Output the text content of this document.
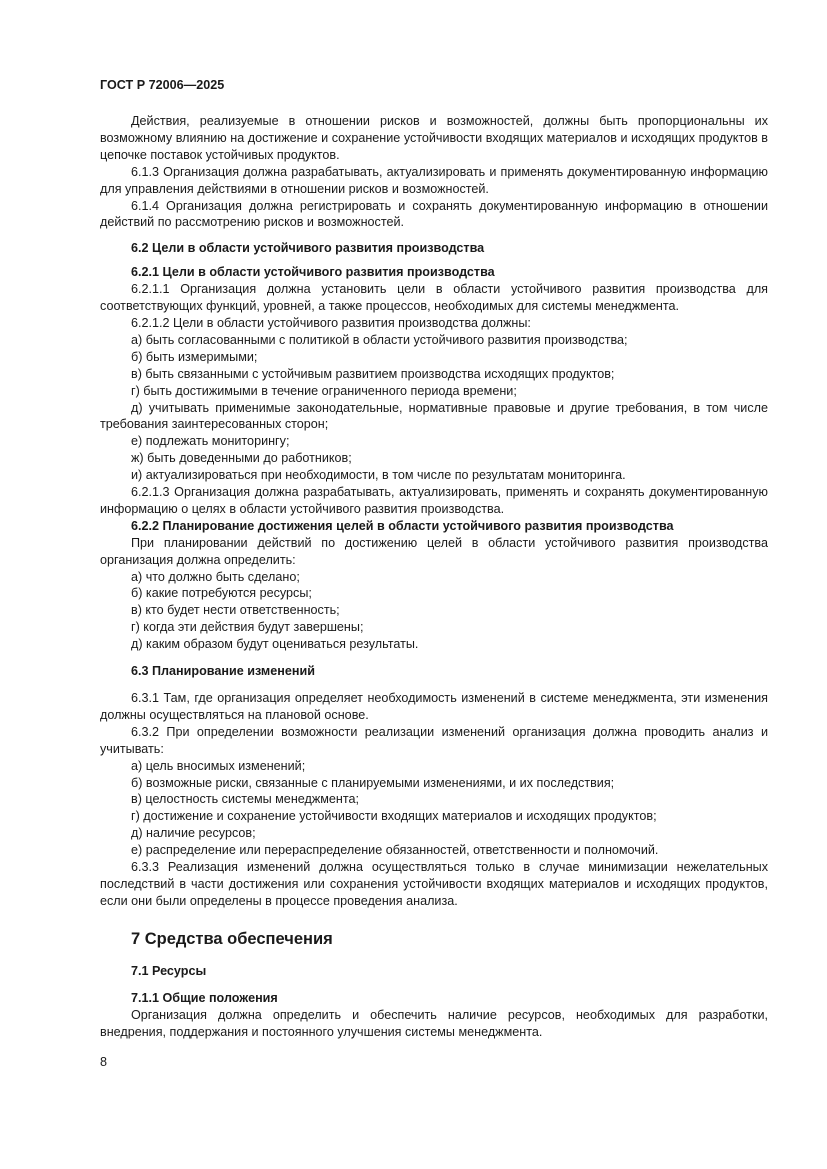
ГОСТ Р 72006—2025

Действия, реализуемые в отношении рисков и возможностей, должны быть пропорциональны их возможному влиянию на достижение и сохранение устойчивости входящих материалов и исходящих продуктов в цепочке поставок устойчивых продуктов.

6.1.3 Организация должна разрабатывать, актуализировать и применять документированную информацию для управления действиями в отношении рисков и возможностей.

6.1.4 Организация должна регистрировать и сохранять документированную информацию в отношении действий по рассмотрению рисков и возможностей.

6.2 Цели в области устойчивого развития производства

6.2.1 Цели в области устойчивого развития производства

6.2.1.1 Организация должна установить цели в области устойчивого развития производства для соответствующих функций, уровней, а также процессов, необходимых для системы менеджмента.

6.2.1.2 Цели в области устойчивого развития производства должны:

а) быть согласованными с политикой в области устойчивого развития производства;

б) быть измеримыми;

в) быть связанными с устойчивым развитием производства исходящих продуктов;

г) быть достижимыми в течение ограниченного периода времени;

д) учитывать применимые законодательные, нормативные правовые и другие требования, в том числе требования заинтересованных сторон;

е) подлежать мониторингу;

ж) быть доведенными до работников;

и) актуализироваться при необходимости, в том числе по результатам мониторинга.

6.2.1.3 Организация должна разрабатывать, актуализировать, применять и сохранять документированную информацию о целях в области устойчивого развития производства.

6.2.2 Планирование достижения целей в области устойчивого развития производства

При планировании действий по достижению целей в области устойчивого развития производства организация должна определить:

а) что должно быть сделано;

б) какие потребуются ресурсы;

в) кто будет нести ответственность;

г) когда эти действия будут завершены;

д) каким образом будут оцениваться результаты.

6.3 Планирование изменений

6.3.1 Там, где организация определяет необходимость изменений в системе менеджмента, эти изменения должны осуществляться на плановой основе.

6.3.2 При определении возможности реализации изменений организация должна проводить анализ и учитывать:

а) цель вносимых изменений;

б) возможные риски, связанные с планируемыми изменениями, и их последствия;

в) целостность системы менеджмента;

г) достижение и сохранение устойчивости входящих материалов и исходящих продуктов;

д) наличие ресурсов;

е) распределение или перераспределение обязанностей, ответственности и полномочий.

6.3.3 Реализация изменений должна осуществляться только в случае минимизации нежелательных последствий в части достижения или сохранения устойчивости входящих материалов и исходящих продуктов, если они были определены в процессе проведения анализа.

7 Средства обеспечения

7.1 Ресурсы

7.1.1 Общие положения

Организация должна определить и обеспечить наличие ресурсов, необходимых для разработки, внедрения, поддержания и постоянного улучшения системы менеджмента.

8
